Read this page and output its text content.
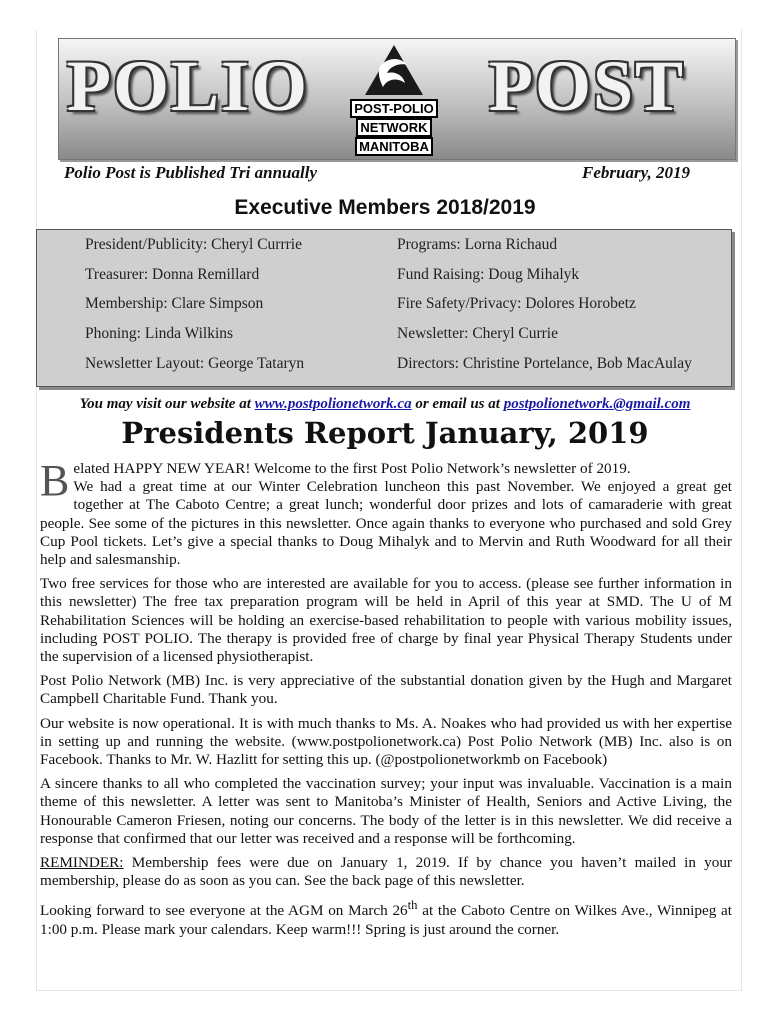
POLIO	POST-POLIO
NETWORK
MANITOBA
POST
Polio Post is Published Tri annually	February, 2019
Executive Members 2018/2019
President/Publicity: Cheryl Currrie	Programs: Lorna Richaud
Treasurer: Donna Remillard	Fund Raising: Doug Mihalyk
Membership: Clare Simpson	Fire Safety/Privacy: Dolores Horobetz
Phoning: Linda Wilkins	Newsletter: Cheryl Currie
Newsletter Layout: George Tataryn	Directors: Christine Portelance, Bob MacAulay
You may visit our website at www.postpolionetwork.ca or email us at postpolionetwork.@gmail.com
Presidents Report January, 2019

B elated HAPPY NEW YEAR! Welcome to the first Post Polio Network’s newsletter of 2019.
We had a great time at our Winter Celebration luncheon this past November. We enjoyed a great get together at The Caboto Centre; a great lunch; wonderful door prizes and lots of camaraderie with great people. See some of the pictures in this newsletter. Once again thanks to everyone who purchased and sold Grey Cup Pool tickets. Let’s give a special thanks to Doug Mihalyk and to Mervin and Ruth Woodward for all their help and salesmanship.

Two free services for those who are interested are available for you to access. (please see further information in this newsletter) The free tax preparation program will be held in April of this year at SMD. The U of M Rehabilitation Sciences will be holding an exercise-based rehabilitation to people with various mobility issues, including POST POLIO. The therapy is provided free of charge by final year Physical Therapy Students under the supervision of a licensed physiotherapist.

Post Polio Network (MB) Inc. is very appreciative of the substantial donation given by the Hugh and Margaret Campbell Charitable Fund. Thank you.

Our website is now operational. It is with much thanks to Ms. A. Noakes who had provided us with her expertise in setting up and running the website. (www.postpolionetwork.ca) Post Polio Network (MB) Inc. also is on Facebook. Thanks to Mr. W. Hazlitt for setting this up. (@postpolionetworkmb on Facebook)

A sincere thanks to all who completed the vaccination survey; your input was invaluable. Vaccination is a main theme of this newsletter. A letter was sent to Manitoba’s Minister of Health, Seniors and Active Living, the Honourable Cameron Friesen, noting our concerns. The body of the letter is in this newsletter. We did receive a response that confirmed that our letter was received and a response will be forthcoming.

REMINDER: Membership fees were due on January 1, 2019. If by chance you haven’t mailed in your membership, please do as soon as you can. See the back page of this newsletter.

Looking forward to see everyone at the AGM on March 26th at the Caboto Centre on Wilkes Ave., Winnipeg at 1:00 p.m. Please mark your calendars. Keep warm!!! Spring is just around the corner.
